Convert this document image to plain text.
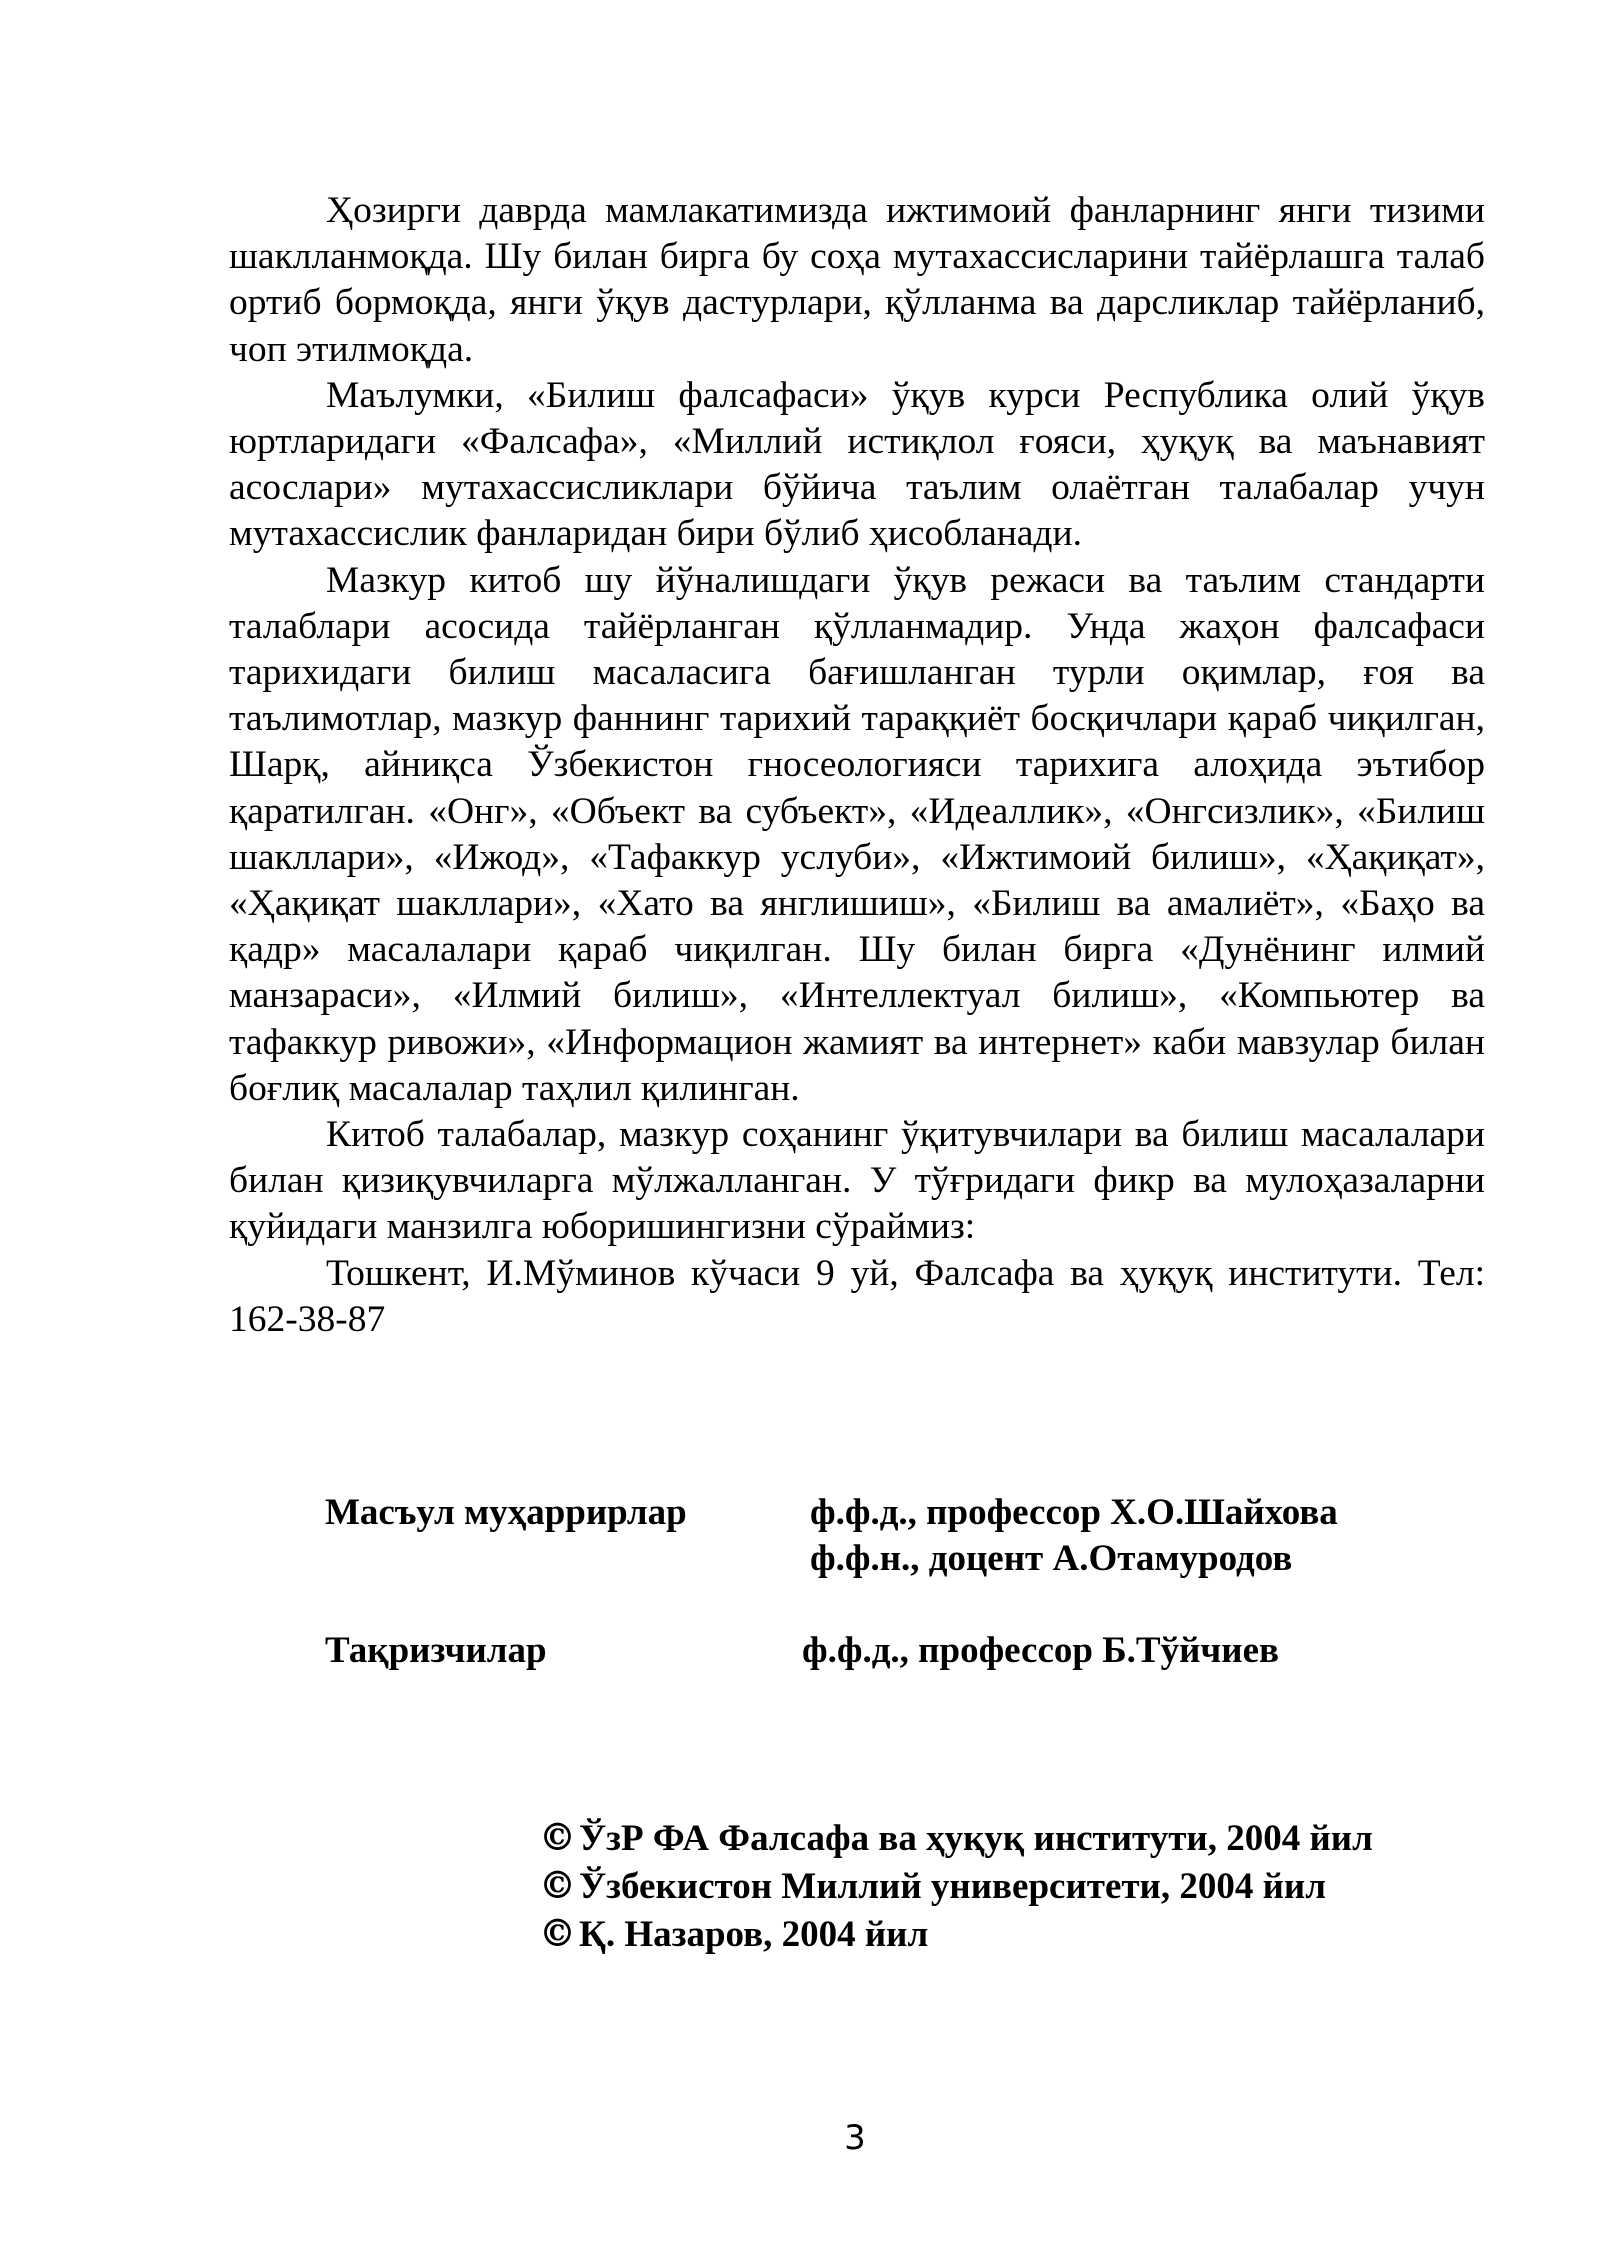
Ҳозирги даврда мамлакатимизда ижтимоий фанларнинг янги тизими шаклланмоқда. Шу билан бирга бу соҳа мутахассисларини тайёрлашга талаб ортиб бормоқда, янги ўқув дастурлари, қўлланма ва дарсликлар тайёрланиб, чоп этилмоқда.

Маълумки, «Билиш фалсафаси» ўқув курси Республика олий ўқув юртларидаги «Фалсафа», «Миллий истиқлол ғояси, ҳуқуқ ва маънавият асослари» мутахассисликлари бўйича таълим олаётган талабалар учун мутахассислик фанларидан бири бўлиб ҳисобланади.

Мазкур китоб шу йўналишдаги ўқув режаси ва таълим стандарти талаблари асосида тайёрланган қўлланмадир. Унда жаҳон фалсафаси тарихидаги билиш масаласига бағишланган турли оқимлар, ғоя ва таълимотлар, мазкур фаннинг тарихий тараққиёт босқичлари қараб чиқилган, Шарқ, айниқса Ўзбекистон гносеологияси тарихига алоҳида эътибор қаратилган. «Онг», «Объект ва субъект», «Идеаллик», «Онгсизлик», «Билиш шакллари», «Ижод», «Тафаккур услуби», «Ижтимоий билиш», «Ҳақиқат», «Ҳақиқат шакллари», «Хато ва янглишиш», «Билиш ва амалиёт», «Баҳо ва қадр» масалалари қараб чиқилган. Шу билан бирга «Дунёнинг илмий манзараси», «Илмий билиш», «Интеллектуал билиш», «Компьютер ва тафаккур ривожи», «Информацион жамият ва интернет» каби мавзулар билан боғлиқ масалалар таҳлил қилинган.

Китоб талабалар, мазкур соҳанинг ўқитувчилари ва билиш масалалари билан қизиқувчиларга мўлжалланган. У тўғридаги фикр ва мулоҳазаларни қуйидаги манзилга юборишингизни сўраймиз:

Тошкент, И.Мўминов кўчаси 9 уй, Фалсафа ва ҳуқуқ институти. Тел: 162-38-87

Масъул муҳаррирлар	ф.ф.д., профессор Х.О.Шайхова
ф.ф.н., доцент А.Отамуродов
Тақризчилар	ф.ф.д., профессор Б.Тўйчиев
©ЎзР ФА Фалсафа ва ҳуқуқ институти, 2004 йил
©Ўзбекистон Миллий университети, 2004 йил
©Қ. Назаров, 2004 йил
3
